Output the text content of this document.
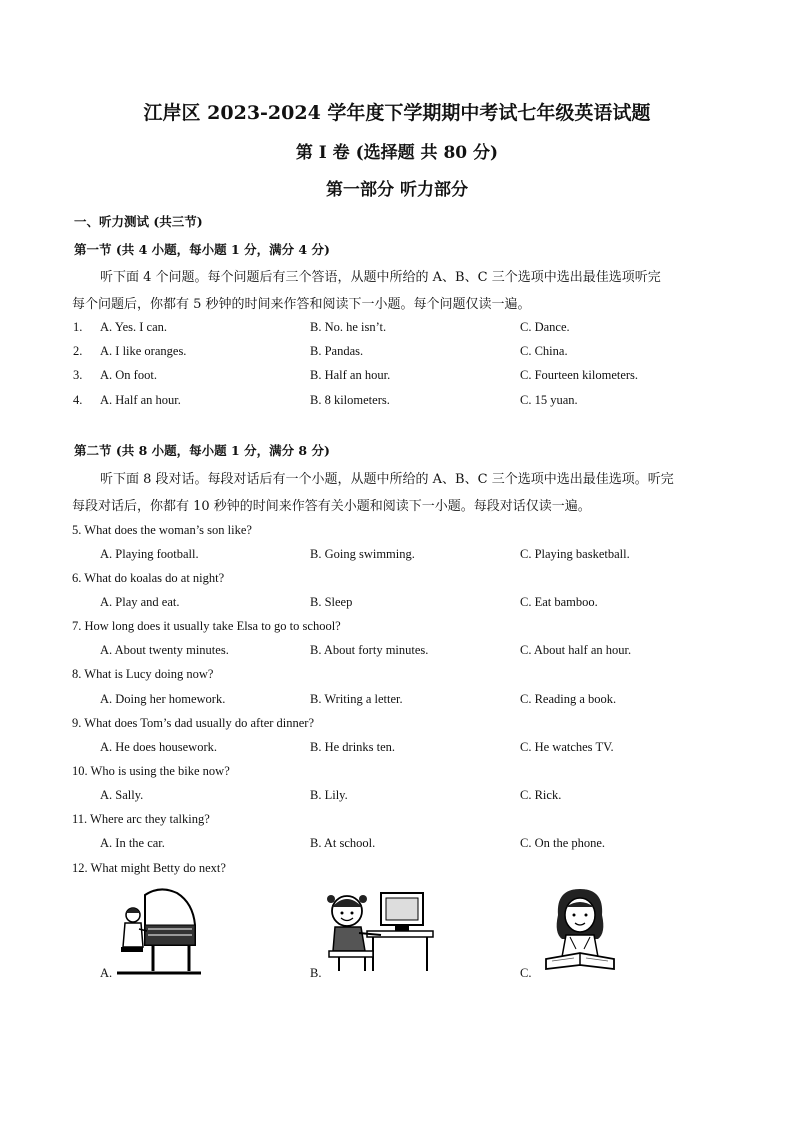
江岸区 2023-2024 学年度下学期期中考试七年级英语试题
第 I 卷 (选择题 共 80 分)
第一部分 听力部分
一、听力测试 (共三节)
第一节 (共 4 小题，每小题 1 分，满分 4 分)
听下面 4 个问题。每个问题后有三个答语，从题中所给的 A、B、C 三个选项中选出最佳选项听完
每个问题后，你都有 5 秒钟的时间来作答和阅读下一小题。每个问题仅读一遍。
1. A. Yes. I can.	B. No. he isn’t.	C. Dance.
2. A. I like oranges.	B. Pandas.	C. China.
3. A. On foot.	B. Half an hour.	C. Fourteen kilometers.
4. A. Half an hour.	B. 8 kilometers.	C. 15 yuan.
第二节 (共 8 小题，每小题 1 分，满分 8 分)
听下面 8 段对话。每段对话后有一个小题，从题中所给的 A、B、C 三个选项中选出最佳选项。听完
每段对话后，你都有 10 秒钟的时间来作答有关小题和阅读下一小题。每段对话仅读一遍。
5. What does the woman’s son like?
A. Playing football.	B. Going swimming.	C. Playing basketball.
6. What do koalas do at night?
A. Play and eat.	B. Sleep	C. Eat bamboo.
7. How long does it usually take Elsa to go to school?
A. About twenty minutes.	B. About forty minutes.	C. About half an hour.
8. What is Lucy doing now?
A. Doing her homework.	B. Writing a letter.	C. Reading a book.
9. What does Tom’s dad usually do after dinner?
A. He does housework.	B. He drinks ten.	C. He watches TV.
10. Who is using the bike now?
A. Sally.	B. Lily.	C. Rick.
11. Where arc they talking?
A. In the car.	B. At school.	C. On the phone.
12. What might Betty do next?
A.	B.	C.
